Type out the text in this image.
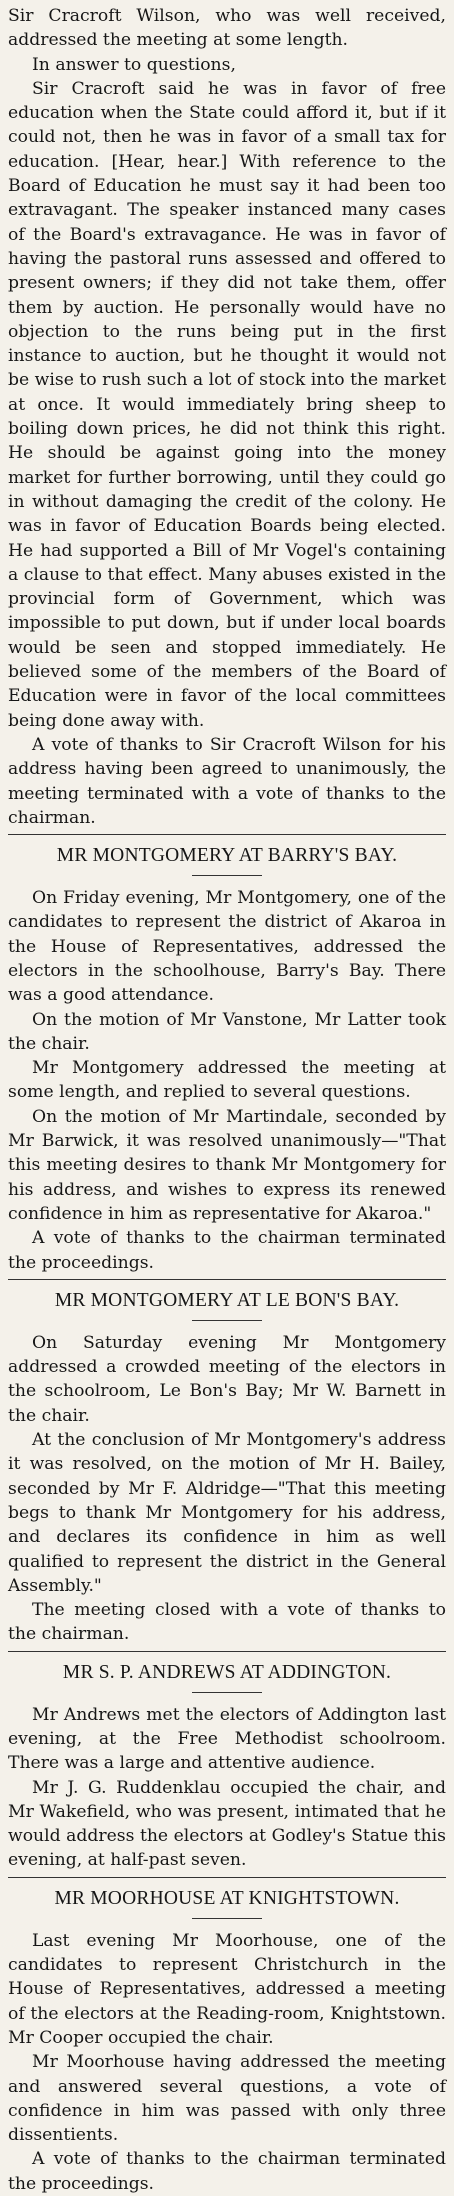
Sir Cracroft Wilson, who was well received, addressed the meeting at some length.

In answer to questions,

Sir Cracroft said he was in favor of free education when the State could afford it, but if it could not, then he was in favor of a small tax for education. [Hear, hear.] With reference to the Board of Education he must say it had been too extravagant. The speaker instanced many cases of the Board's extravagance. He was in favor of having the pastoral runs assessed and offered to present owners; if they did not take them, offer them by auction. He personally would have no objection to the runs being put in the first instance to auction, but he thought it would not be wise to rush such a lot of stock into the market at once. It would immediately bring sheep to boiling down prices, he did not think this right. He should be against going into the money market for further borrowing, until they could go in without damaging the credit of the colony. He was in favor of Education Boards being elected. He had supported a Bill of Mr Vogel's containing a clause to that effect. Many abuses existed in the provincial form of Government, which was impossible to put down, but if under local boards would be seen and stopped immediately. He believed some of the members of the Board of Education were in favor of the local committees being done away with.

A vote of thanks to Sir Cracroft Wilson for his address having been agreed to unanimously, the meeting terminated with a vote of thanks to the chairman.

MR MONTGOMERY AT BARRY'S BAY.

On Friday evening, Mr Montgomery, one of the candidates to represent the district of Akaroa in the House of Representatives, addressed the electors in the schoolhouse, Barry's Bay. There was a good attendance.

On the motion of Mr Vanstone, Mr Latter took the chair.

Mr Montgomery addressed the meeting at some length, and replied to several questions.

On the motion of Mr Martindale, seconded by Mr Barwick, it was resolved unanimously—"That this meeting desires to thank Mr Montgomery for his address, and wishes to express its renewed confidence in him as representative for Akaroa."

A vote of thanks to the chairman terminated the proceedings.

MR MONTGOMERY AT LE BON'S BAY.

On Saturday evening Mr Montgomery addressed a crowded meeting of the electors in the schoolroom, Le Bon's Bay; Mr W. Barnett in the chair.

At the conclusion of Mr Montgomery's address it was resolved, on the motion of Mr H. Bailey, seconded by Mr F. Aldridge—"That this meeting begs to thank Mr Montgomery for his address, and declares its confidence in him as well qualified to represent the district in the General Assembly."

The meeting closed with a vote of thanks to the chairman.

MR S. P. ANDREWS AT ADDINGTON.

Mr Andrews met the electors of Addington last evening, at the Free Methodist schoolroom. There was a large and attentive audience.

Mr J. G. Ruddenklau occupied the chair, and Mr Wakefield, who was present, intimated that he would address the electors at Godley's Statue this evening, at half-past seven.

MR MOORHOUSE AT KNIGHTSTOWN.

Last evening Mr Moorhouse, one of the candidates to represent Christchurch in the House of Representatives, addressed a meeting of the electors at the Reading-room, Knightstown. Mr Cooper occupied the chair.

Mr Moorhouse having addressed the meeting and answered several questions, a vote of confidence in him was passed with only three dissentients.

A vote of thanks to the chairman terminated the proceedings.
